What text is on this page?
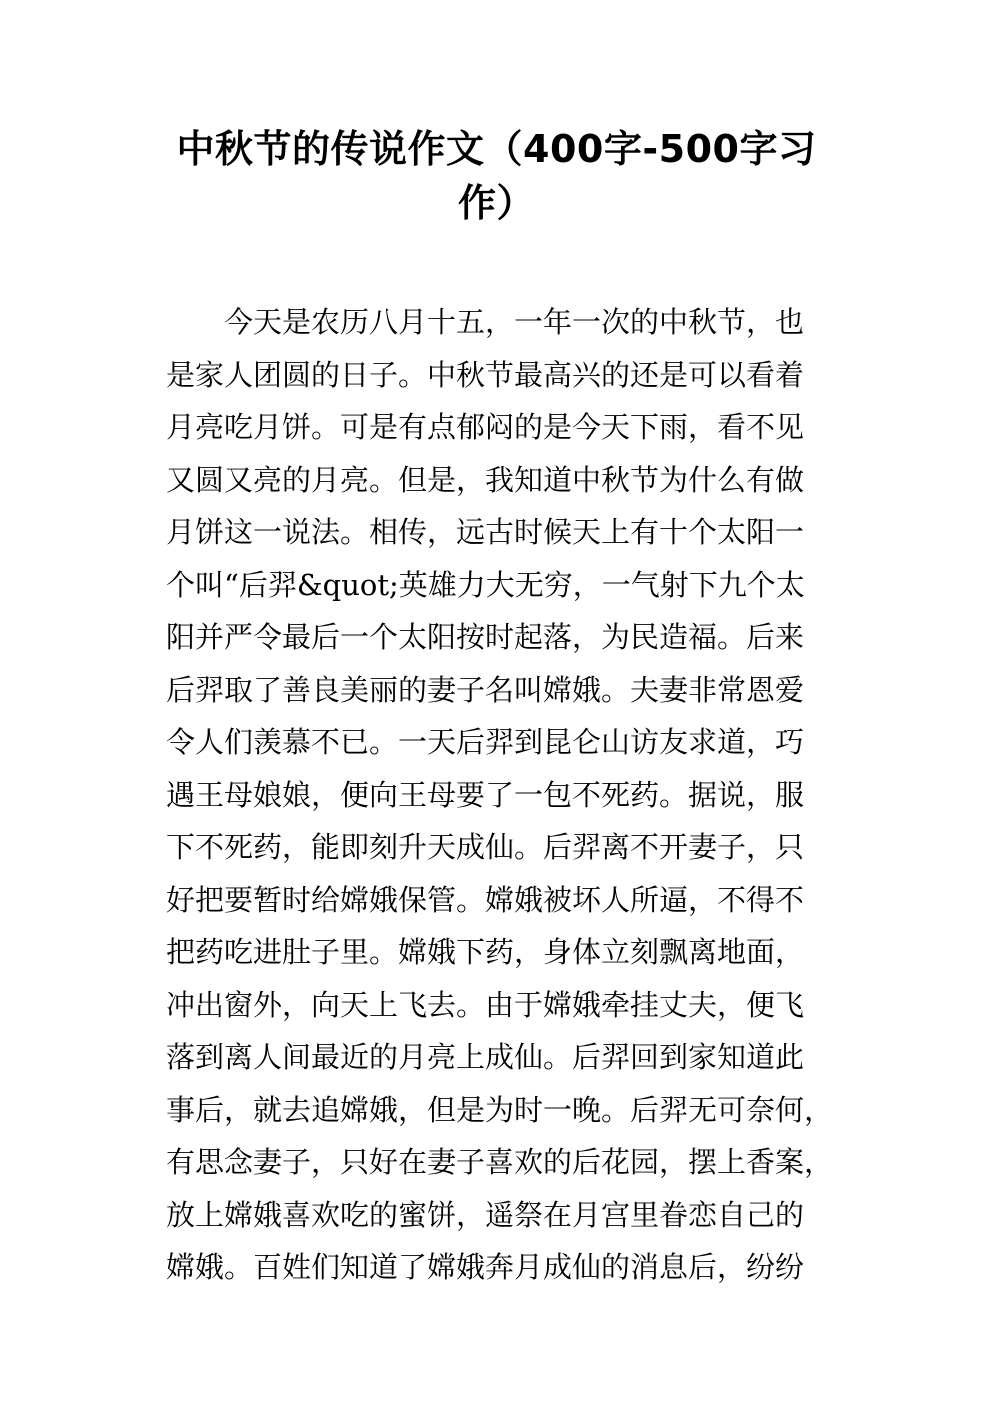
中秋节的传说作文（400字-500字习
作）
今天是农历八月十五，一年一次的中秋节，也
是家人团圆的日子。中秋节最高兴的还是可以看着
月亮吃月饼。可是有点郁闷的是今天下雨，看不见
又圆又亮的月亮。但是，我知道中秋节为什么有做
月饼这一说法。相传，远古时候天上有十个太阳一
个叫“后羿&quot;英雄力大无穷，一气射下九个太
阳并严令最后一个太阳按时起落，为民造福。后来
后羿取了善良美丽的妻子名叫嫦娥。夫妻非常恩爱
令人们羡慕不已。一天后羿到昆仑山访友求道，巧
遇王母娘娘，便向王母要了一包不死药。据说，服
下不死药，能即刻升天成仙。后羿离不开妻子，只
好把要暂时给嫦娥保管。嫦娥被坏人所逼，不得不
把药吃进肚子里。嫦娥下药，身体立刻飘离地面，
冲出窗外，向天上飞去。由于嫦娥牵挂丈夫，便飞
落到离人间最近的月亮上成仙。后羿回到家知道此
事后，就去追嫦娥，但是为时一晚。后羿无可奈何，
有思念妻子，只好在妻子喜欢的后花园，摆上香案，
放上嫦娥喜欢吃的蜜饼，遥祭在月宫里眷恋自己的
嫦娥。百姓们知道了嫦娥奔月成仙的消息后，纷纷
